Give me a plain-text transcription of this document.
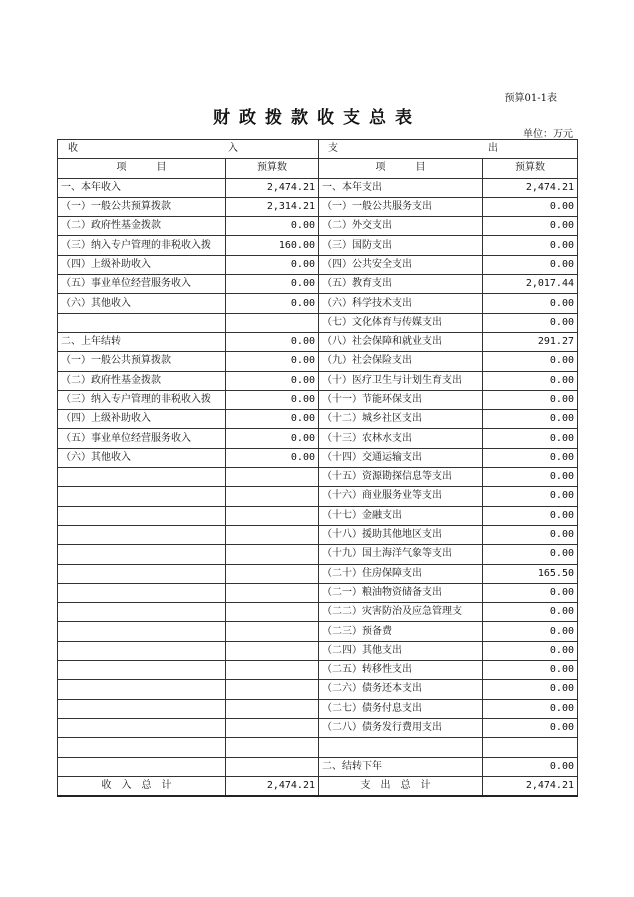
预算01-1表
财政拨款收支总表
单位：万元
收　入		支　出	
项　　　目	预算数	项　　　目	预算数
一、本年收入	2,474.21	一、本年支出	2,474.21
（一）一般公共预算拨款	2,314.21	（一）一般公共服务支出	0.00
（二）政府性基金拨款	0.00	（二）外交支出	0.00
（三）纳入专户管理的非税收入拨	160.00	（三）国防支出	0.00
（四）上级补助收入	0.00	（四）公共安全支出	0.00
（五）事业单位经营服务收入	0.00	（五）教育支出	2,017.44
（六）其他收入	0.00	（六）科学技术支出	0.00
		（七）文化体育与传媒支出	0.00
二、上年结转	0.00	（八）社会保障和就业支出	291.27
（一）一般公共预算拨款	0.00	（九）社会保险支出	0.00
（二）政府性基金拨款	0.00	（十）医疗卫生与计划生育支出	0.00
（三）纳入专户管理的非税收入拨	0.00	（十一）节能环保支出	0.00
（四）上级补助收入	0.00	（十二）城乡社区支出	0.00
（五）事业单位经营服务收入	0.00	（十三）农林水支出	0.00
（六）其他收入	0.00	（十四）交通运输支出	0.00
		（十五）资源勘探信息等支出	0.00
		（十六）商业服务业等支出	0.00
		（十七）金融支出	0.00
		（十八）援助其他地区支出	0.00
		（十九）国土海洋气象等支出	0.00
		（二十）住房保障支出	165.50
		（二一）粮油物资储备支出	0.00
		（二二）灾害防治及应急管理支	0.00
		（二三）预备费	0.00
		（二四）其他支出	0.00
		（二五）转移性支出	0.00
		（二六）债务还本支出	0.00
		（二七）债务付息支出	0.00
		（二八）债务发行费用支出	0.00

		二、结转下年	0.00
收入总计	2,474.21	支出总计	2,474.21
